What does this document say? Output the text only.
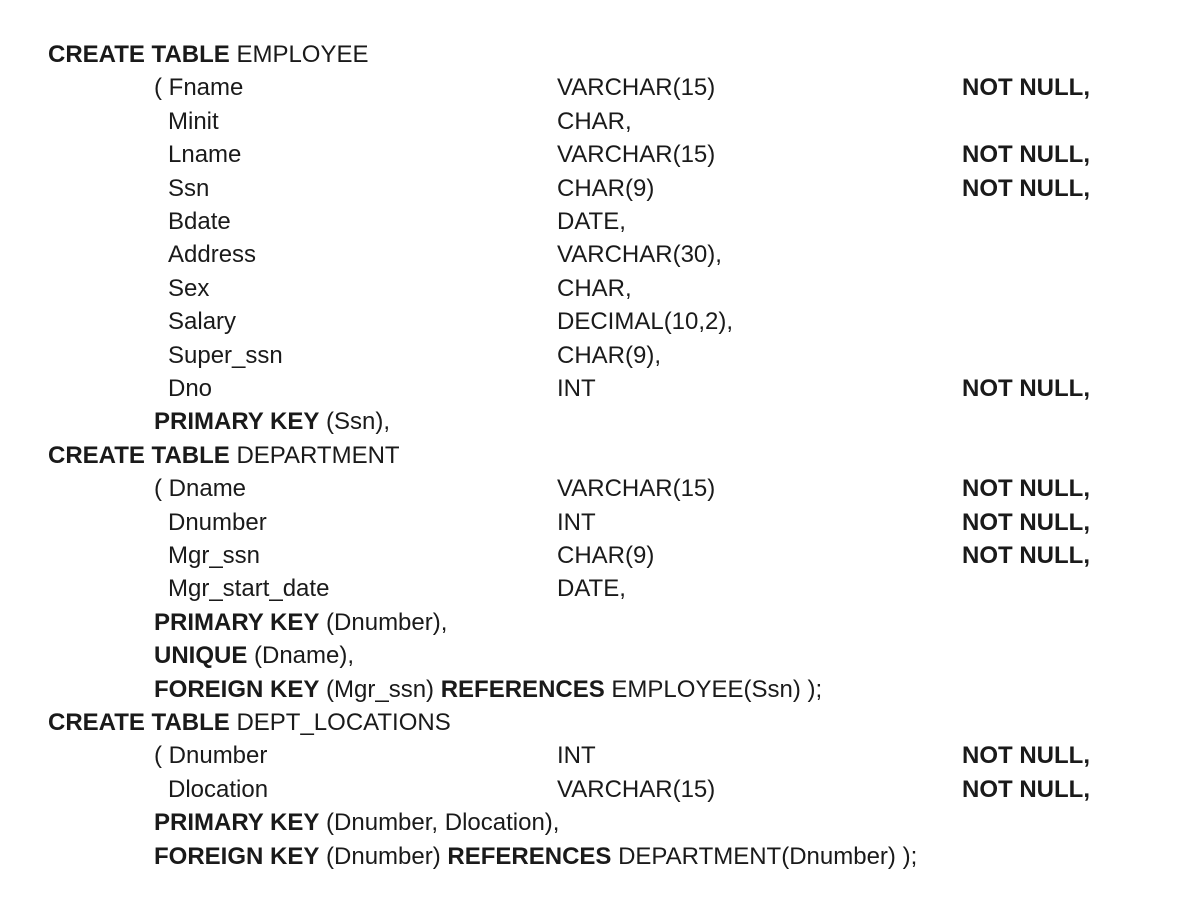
CREATE TABLE EMPLOYEE
( Fname	VARCHAR(15)	NOT NULL,
Minit	CHAR,
Lname	VARCHAR(15)	NOT NULL,
Ssn	CHAR(9)	NOT NULL,
Bdate	DATE,
Address	VARCHAR(30),
Sex	CHAR,
Salary	DECIMAL(10,2),
Super_ssn	CHAR(9),
Dno	INT	NOT NULL,
PRIMARY KEY (Ssn),
CREATE TABLE DEPARTMENT
( Dname	VARCHAR(15)	NOT NULL,
Dnumber	INT	NOT NULL,
Mgr_ssn	CHAR(9)	NOT NULL,
Mgr_start_date	DATE,
PRIMARY KEY (Dnumber),
UNIQUE (Dname),
FOREIGN KEY (Mgr_ssn) REFERENCES EMPLOYEE(Ssn) );
CREATE TABLE DEPT_LOCATIONS
( Dnumber	INT	NOT NULL,
Dlocation	VARCHAR(15)	NOT NULL,
PRIMARY KEY (Dnumber, Dlocation),
FOREIGN KEY (Dnumber) REFERENCES DEPARTMENT(Dnumber) );
